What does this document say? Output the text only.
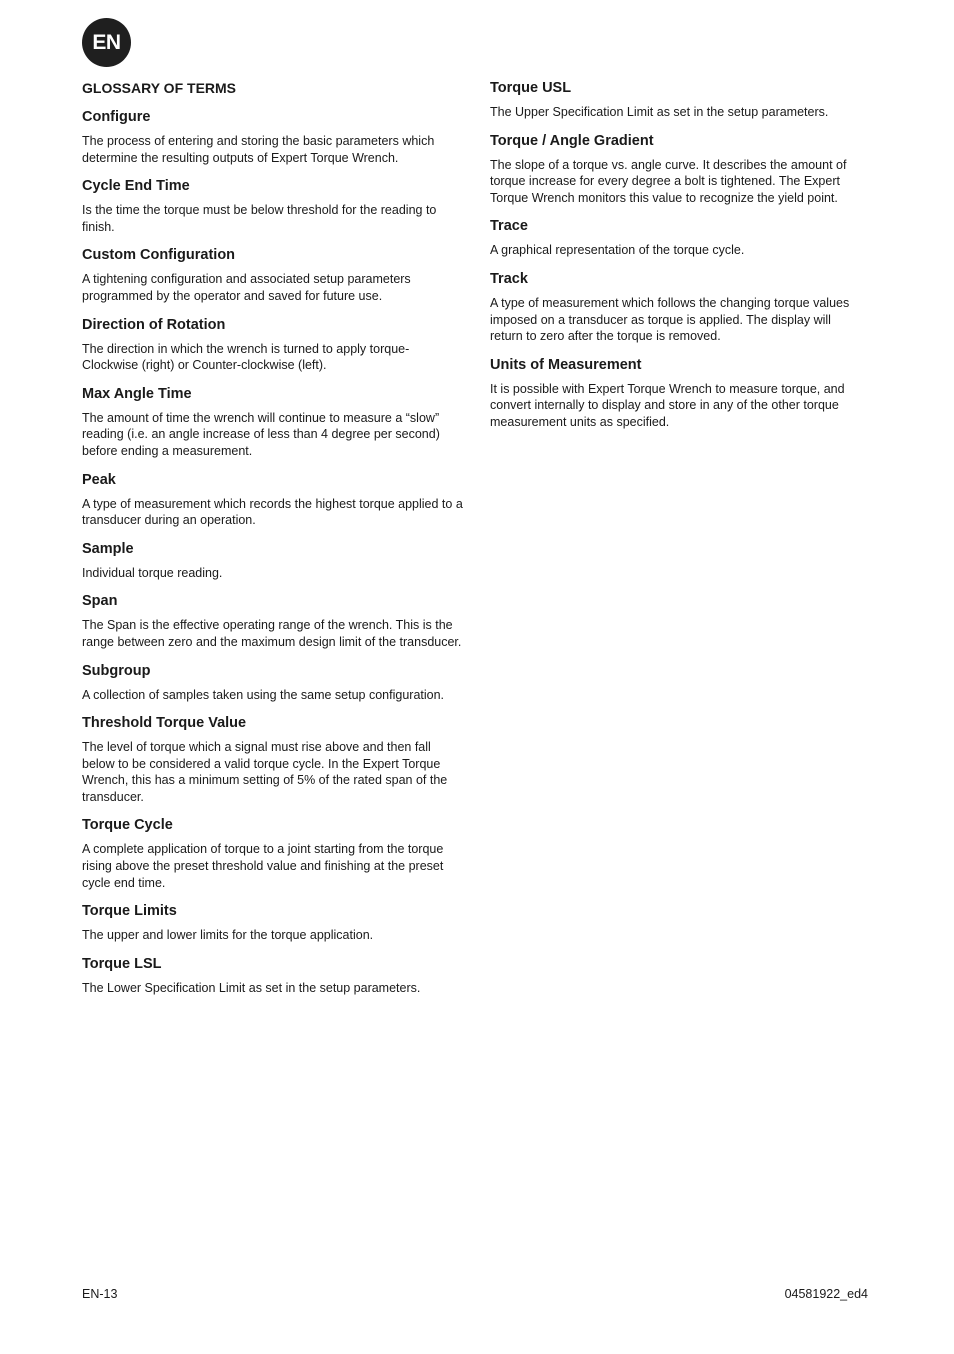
EN
GLOSSARY OF TERMS
Configure

The process of entering and storing the basic parameters which determine the resulting outputs of Expert Torque Wrench.

Cycle End Time

Is the time the torque must be below threshold for the reading to finish.

Custom Configuration

A tightening configuration and associated setup parameters programmed by the operator and saved for future use.

Direction of Rotation

The direction in which the wrench is turned to apply torque- Clockwise (right) or Counter-clockwise (left).

Max Angle Time

The amount of time the wrench will continue to measure a “slow” reading (i.e. an angle increase of less than 4 degree per second) before ending a measurement.

Peak

A type of measurement which records the highest torque applied to a transducer during an operation.

Sample

Individual torque reading.

Span

The Span is the effective operating range of the wrench. This is the range between zero and the maximum design limit of the transducer.

Subgroup

A collection of samples taken using the same setup configuration.

Threshold Torque Value

The level of torque which a signal must rise above and then fall below to be considered a valid torque cycle. In the Expert Torque Wrench, this has a minimum setting of 5% of the rated span of the transducer.

Torque Cycle

A complete application of torque to a joint starting from the torque rising above the preset threshold value and finishing at the preset cycle end time.

Torque Limits

The upper and lower limits for the torque application.

Torque LSL

The Lower Specification Limit as set in the setup parameters.

Torque USL

The Upper Specification Limit as set in the setup parameters.

Torque / Angle Gradient

The slope of a torque vs. angle curve. It describes the amount of torque increase for every degree a bolt is tightened. The Expert Torque Wrench monitors this value to recognize the yield point.

Trace

A graphical representation of the torque cycle.

Track

A type of measurement which follows the changing torque values imposed on a transducer as torque is applied. The display will return to zero after the torque is removed.

Units of Measurement

It is possible with Expert Torque Wrench to measure torque, and convert internally to display and store in any of the other torque measurement units as specified.

EN-13	04581922_ed4
